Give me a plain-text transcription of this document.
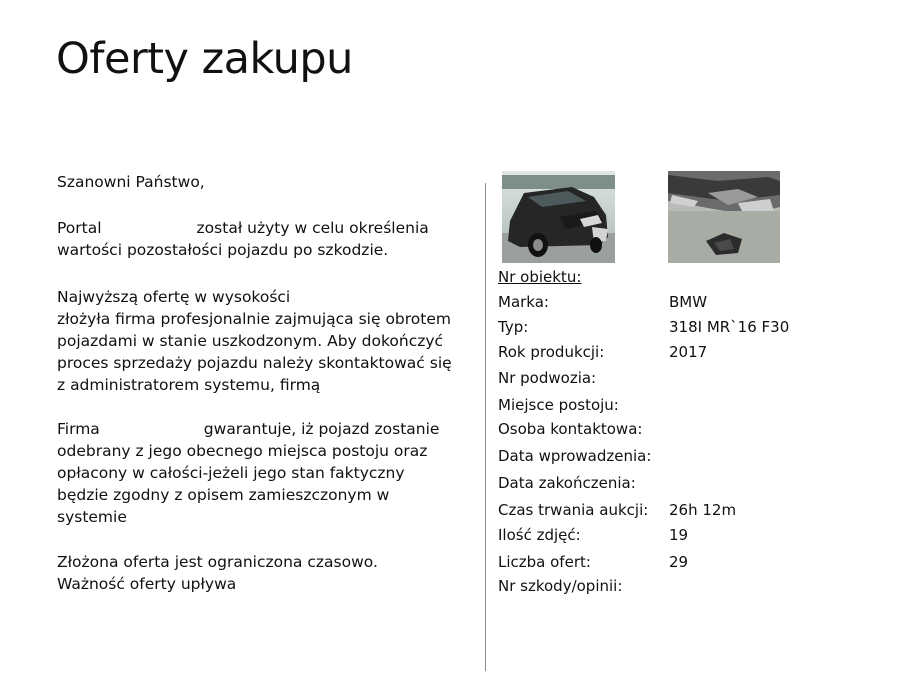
Oferty zakupu

Szanowni Państwo,

Portal	został użyty w celu określenia

wartości pozostałości pojazdu po szkodzie.

Najwyższą ofertę w wysokości

złożyła firma profesjonalnie zajmująca się obrotem

pojazdami w stanie uszkodzonym. Aby dokończyć

proces sprzedaży pojazdu należy skontaktować się

z administratorem systemu, firmą

Firma	gwarantuje, iż pojazd zostanie

odebrany z jego obecnego miejsca postoju oraz

opłacony w całości-jeżeli jego stan faktyczny

będzie zgodny z opisem zamieszczonym w

systemie

Złożona oferta jest ograniczona czasowo.

Ważność oferty upływa

Nr obiektu:
Marka:	BMW
Typ:	318I MR`16 F30
Rok produkcji:	2017
Nr podwozia:
Miejsce postoju:
Osoba kontaktowa:
Data wprowadzenia:
Data zakończenia:
Czas trwania aukcji: 26h 12m
Ilość zdjęć:	19
Liczba ofert:	29
Nr szkody/opinii:
